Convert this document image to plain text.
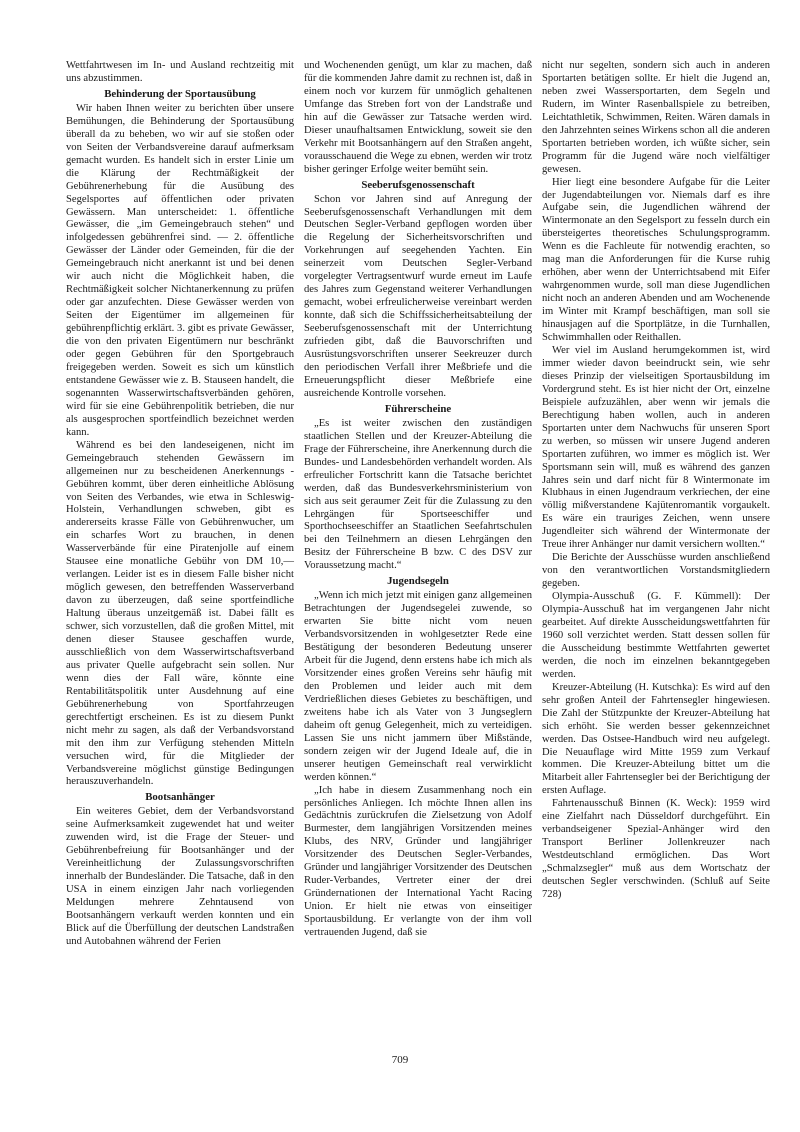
Wettfahrtwesen im In- und Ausland rechtzeitig mit uns abzustimmen.

Behinderung der Sportausübung

Wir haben Ihnen weiter zu berichten über unsere Bemühungen, die Behinderung der Sportausübung überall da zu beheben, wo wir auf sie stoßen oder von Seiten der Verbandsvereine darauf aufmerksam gemacht wurden. Es handelt sich in erster Linie um die Klärung der Rechtmäßigkeit der Gebührenerhebung für die Ausübung des Segelsportes auf öffentlichen oder privaten Gewässern. Man unterscheidet: 1. öffentliche Gewässer, die „im Gemeingebrauch stehen“ und infolgedessen gebührenfrei sind. — 2. öffentliche Gewässer der Länder oder Gemeinden, für die der Gemeingebrauch nicht anerkannt ist und bei denen wir auch nicht die Möglichkeit haben, die Rechtmäßigkeit solcher Nichtanerkennung zu prüfen oder gar anzufechten. Diese Gewässer werden von Seiten der Eigentümer im allgemeinen für gebührenpflichtig erklärt. 3. gibt es private Gewässer, die von den privaten Eigentümern nur beschränkt oder gegen Gebühren für den Sportgebrauch freigegeben werden. Soweit es sich um künstlich entstandene Gewässer wie z. B. Stauseen handelt, die sogenannten Wasserwirtschaftsverbänden gehören, wird für sie eine Gebührenpolitik betrieben, die nur als ausgesprochen sportfeindlich bezeichnet werden kann.

Während es bei den landeseigenen, nicht im Gemeingebrauch stehenden Gewässern im allgemeinen nur zu bescheidenen Anerkennungs - Gebühren kommt, über deren einheitliche Ablösung von Seiten des Verbandes, wie etwa in Schleswig-Holstein, Verhandlungen schweben, gibt es andererseits krasse Fälle von Gebührenwucher, um ein scharfes Wort zu brauchen, in denen Wasserverbände für eine Piratenjolle auf einem Stausee eine monatliche Gebühr von DM 10,— verlangen. Leider ist es in diesem Falle bisher nicht möglich gewesen, den betreffenden Wasserverband davon zu überzeugen, daß seine sportfeindliche Haltung überaus unzeitgemäß ist. Dabei fällt es schwer, sich vorzustellen, daß die großen Mittel, mit denen dieser Stausee geschaffen wurde, ausschließlich von dem Wasserwirtschaftsverband aus privater Quelle aufgebracht sein sollen. Nur wenn dies der Fall wäre, könnte eine Rentabilitätspolitik unter Ausdehnung auf eine Gebührenerhebung von Sportfahrzeugen gerechtfertigt erscheinen. Es ist zu diesem Punkt nicht mehr zu sagen, als daß der Verbandsvorstand mit den ihm zur Verfügung stehenden Mitteln versuchen wird, für die Mitglieder der Verbandsvereine möglichst günstige Bedingungen herauszuverhandeln.

Bootsanhänger

Ein weiteres Gebiet, dem der Verbandsvorstand seine Aufmerksamkeit zugewendet hat und weiter zuwenden wird, ist die Frage der Steuer- und Gebührenbefreiung für Bootsanhänger und der Vereinheitlichung der Zulassungsvorschriften innerhalb der Bundesländer. Die Tatsache, daß in den USA in einem einzigen Jahr nach vorliegenden Meldungen mehrere Zehntausend von Bootsanhängern verkauft werden konnten und ein Blick auf die Überfüllung der deutschen Landstraßen und Autobahnen während der Ferien

und Wochenenden genügt, um klar zu machen, daß für die kommenden Jahre damit zu rechnen ist, daß in einem noch vor kurzem für unmöglich gehaltenen Umfange das Streben fort von der Landstraße und hin auf die Gewässer zur Tatsache werden wird. Dieser unaufhaltsamen Entwicklung, soweit sie den Verkehr mit Bootsanhängern auf den Straßen angeht, vorausschauend die Wege zu ebnen, werden wir trotz bisher geringer Erfolge weiter bemüht sein.

Seeberufsgenossenschaft

Schon vor Jahren sind auf Anregung der Seeberufsgenossenschaft Verhandlungen mit dem Deutschen Segler-Verband gepflogen worden über die Regelung der Sicherheitsvorschriften und Vorkehrungen auf seegehenden Yachten. Ein seinerzeit vom Deutschen Segler-Verband vorgelegter Vertragsentwurf wurde erneut im Laufe des Jahres zum Gegenstand weiterer Verhandlungen gemacht, wobei erfreulicherweise vereinbart werden konnte, daß sich die Schiffssicherheitsabteilung der Seeberufsgenossenschaft mit der Unterrichtung zufrieden gibt, daß die Bauvorschriften und Ausrüstungsvorschriften unserer Seekreuzer durch den periodischen Verfall ihrer Meßbriefe und die Erneuerungspflicht dieser Meßbriefe eine ausreichende Kontrolle vorsehen.

Führerscheine

„Es ist weiter zwischen den zuständigen staatlichen Stellen und der Kreuzer-Abteilung die Frage der Führerscheine, ihre Anerkennung durch die Bundes- und Landesbehörden verhandelt worden. Als erfreulicher Fortschritt kann die Tatsache berichtet werden, daß das Bundesverkehrsministerium von sich aus seit geraumer Zeit für die Zulassung zu den Lehrgängen für Sportseeschiffer und Sporthochseeschiffer an Staatlichen Seefahrtschulen bei den Teilnehmern an diesen Lehrgängen den Besitz der Führerscheine B bzw. C des DSV zur Voraussetzung macht.“

Jugendsegeln

„Wenn ich mich jetzt mit einigen ganz allgemeinen Betrachtungen der Jugendsegelei zuwende, so erwarten Sie bitte nicht vom neuen Verbandsvorsitzenden in wohlgesetzter Rede eine Bestätigung der besonderen Bedeutung unserer Arbeit für die Jugend, denn erstens habe ich mich als Vorsitzender eines großen Vereins sehr häufig mit den Problemen und leider auch mit dem Verdrießlichen dieses Gebietes zu beschäftigen, und zweitens habe ich als Vater von 3 Jungseglern daheim oft genug Gelegenheit, mich zu verteidigen. Lassen Sie uns nicht jammern über Mißstände, sondern zeigen wir der Jugend Ideale auf, die in unserer heutigen Gemeinschaft real verwirklicht werden können.“

„Ich habe in diesem Zusammenhang noch ein persönliches Anliegen. Ich möchte Ihnen allen ins Gedächtnis zurückrufen die Zielsetzung von Adolf Burmester, dem langjährigen Vorsitzenden meines Klubs, des NRV, Gründer und langjähriger Vorsitzender des Deutschen Segler-Verbandes, Gründer und langjähriger Vorsitzender des Deutschen Ruder-Verbandes, Vertreter einer der drei Gründernationen der International Yacht Racing Union. Er hielt nie etwas von einseitiger Sportausbildung. Er verlangte von der ihm voll vertrauenden Jugend, daß sie

nicht nur segelten, sondern sich auch in anderen Sportarten betätigen sollte. Er hielt die Jugend an, neben zwei Wassersportarten, dem Segeln und Rudern, im Winter Rasenballspiele zu betreiben, Leichtathletik, Schwimmen, Reiten. Wären damals in den Jahrzehnten seines Wirkens schon all die anderen Sportarten betrieben worden, ich wüßte sicher, sein Programm für die Jugend wäre noch vielfältiger gewesen.

Hier liegt eine besondere Aufgabe für die Leiter der Jugendabteilungen vor. Niemals darf es ihre Aufgabe sein, die Jugendlichen während der Wintermonate an den Segelsport zu fesseln durch ein übersteigertes theoretisches Schulungsprogramm. Wenn es die Fachleute für notwendig erachten, so mag man die Anforderungen für die Kurse ruhig erhöhen, aber wenn der Unterrichtsabend mit Eifer wahrgenommen wurde, soll man diese Jugendlichen nicht noch an anderen Abenden und am Wochenende im Winter mit Krampf beschäftigen, man soll sie hinausjagen auf die Sportplätze, in die Turnhallen, Schwimmhallen oder Reithallen.

Wer viel im Ausland herumgekommen ist, wird immer wieder davon beeindruckt sein, wie sehr dieses Prinzip der vielseitigen Sportausbildung im Vordergrund steht. Es ist hier nicht der Ort, einzelne Beispiele aufzuzählen, aber wenn wir jemals die Berechtigung haben wollen, auch in anderen Sportarten unter dem Nachwuchs für unseren Sport zu werben, so müssen wir unsere Jugend anderen Sportarten zuführen, wo immer es möglich ist. Wer Sportsmann sein will, muß es während des ganzen Jahres sein und darf nicht für 8 Wintermonate im Klubhaus in einen Jugendraum verkriechen, der eine völlig mißverstandene Kajütenromantik vorgaukelt. Es wäre ein trauriges Zeichen, wenn unsere Jugendleiter sich während der Wintermonate der Treue ihrer Anhänger nur damit versichern wollten.“

Die Berichte der Ausschüsse wurden anschließend von den verantwortlichen Vorstandsmitgliedern gegeben.

Olympia-Ausschuß (G. F. Kümmell): Der Olympia-Ausschuß hat im vergangenen Jahr nicht gearbeitet. Auf direkte Ausscheidungswettfahrten für 1960 soll verzichtet werden. Statt dessen sollen für die Ausscheidung bestimmte Wettfahrten gewertet werden, die noch im einzelnen bekanntgegeben werden.

Kreuzer-Abteilung (H. Kutschka): Es wird auf den sehr großen Anteil der Fahrtensegler hingewiesen. Die Zahl der Stützpunkte der Kreuzer-Abteilung hat sich erhöht. Sie werden besser gekennzeichnet werden. Das Ostsee-Handbuch wird neu aufgelegt. Die Neuauflage wird Mitte 1959 zum Verkauf kommen. Die Kreuzer-Abteilung bittet um die Mitarbeit aller Fahrtensegler bei der Berichtigung der ersten Auflage.

Fahrtenausschuß Binnen (K. Weck): 1959 wird eine Zielfahrt nach Düsseldorf durchgeführt. Ein verbandseigener Spezial-Anhänger wird den Transport Berliner Jollenkreuzer nach Westdeutschland ermöglichen. Das Wort „Schmalzsegler“ muß aus dem Wortschatz der deutschen Segler verschwinden. (Schluß auf Seite 728)

709
